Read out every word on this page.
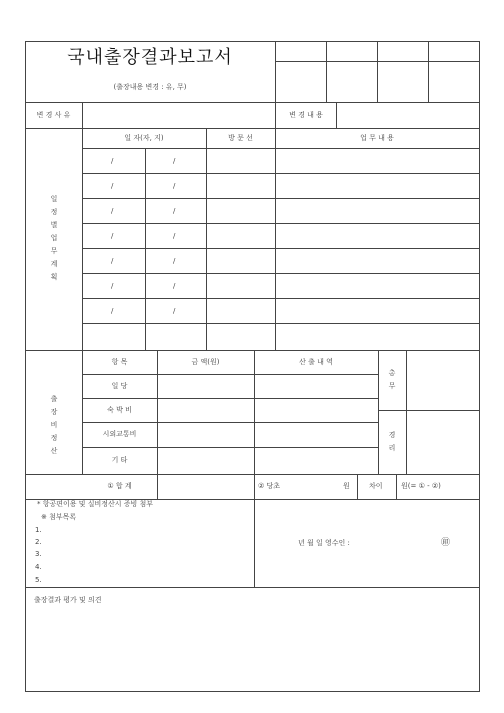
국내출장결과보고서
(출장내용 변경 : 유, 무)
변 경 사 유	변 경 내 용
일정별업무계획
일 자(자, 지)	방 문 선	업 무 내 용
/	/
/	/
/	/
/	/
/	/
/	/
/	/
출장비정산
항 목	금 액(원)	산 출 내 역
일 당
숙 박 비
시외교통비
기 타
총무
경리
① 합 계	② 당초	원	차이	원(= ① - ②)
* 항공편이용 및 실비정산시 증빙 첨부
※ 첨부목록
1.
2.
3.
4.
5.
년 월 일 영수인 :	㊞
출장결과 평가 및 의견
